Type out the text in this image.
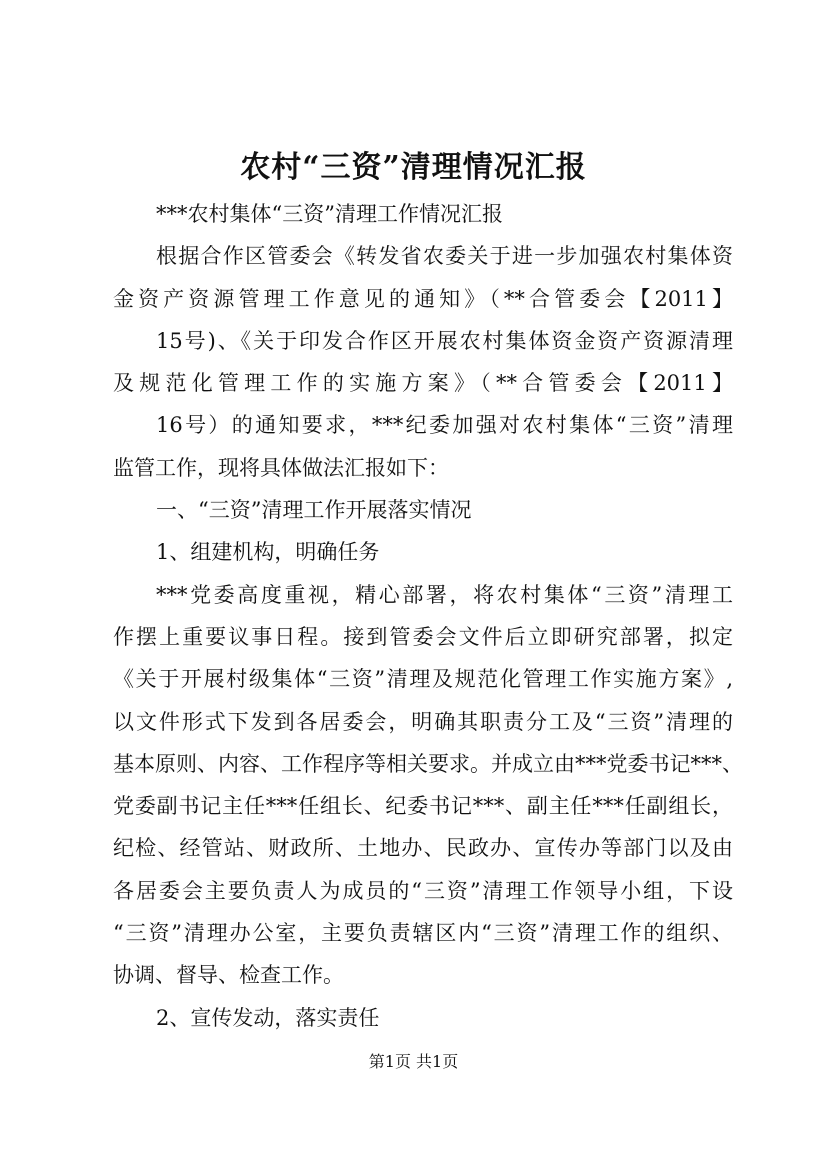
农村“三资”清理情况汇报
***农村集体“三资”清理工作情况汇报
根据合作区管委会《转发省农委关于进一步加强农村集体资
金资产资源管理工作意见的通知》（**合管委会【2011】
15号)、《关于印发合作区开展农村集体资金资产资源清理
及规范化管理工作的实施方案》（**合管委会【2011】
16号）的通知要求，***纪委加强对农村集体“三资”清理
监管工作，现将具体做法汇报如下：
一、“三资”清理工作开展落实情况
1、组建机构，明确任务
***党委高度重视，精心部署，将农村集体“三资”清理工
作摆上重要议事日程。接到管委会文件后立即研究部署，拟定
《关于开展村级集体“三资”清理及规范化管理工作实施方案》,
以文件形式下发到各居委会，明确其职责分工及“三资”清理的
基本原则、内容、工作程序等相关要求。并成立由***党委书记***、
党委副书记主任***任组长、纪委书记***、副主任***任副组长，
纪检、经管站、财政所、土地办、民政办、宣传办等部门以及由
各居委会主要负责人为成员的“三资”清理工作领导小组，下设
“三资”清理办公室，主要负责辖区内“三资”清理工作的组织、
协调、督导、检查工作。
2、宣传发动，落实责任
第1页 共1页
